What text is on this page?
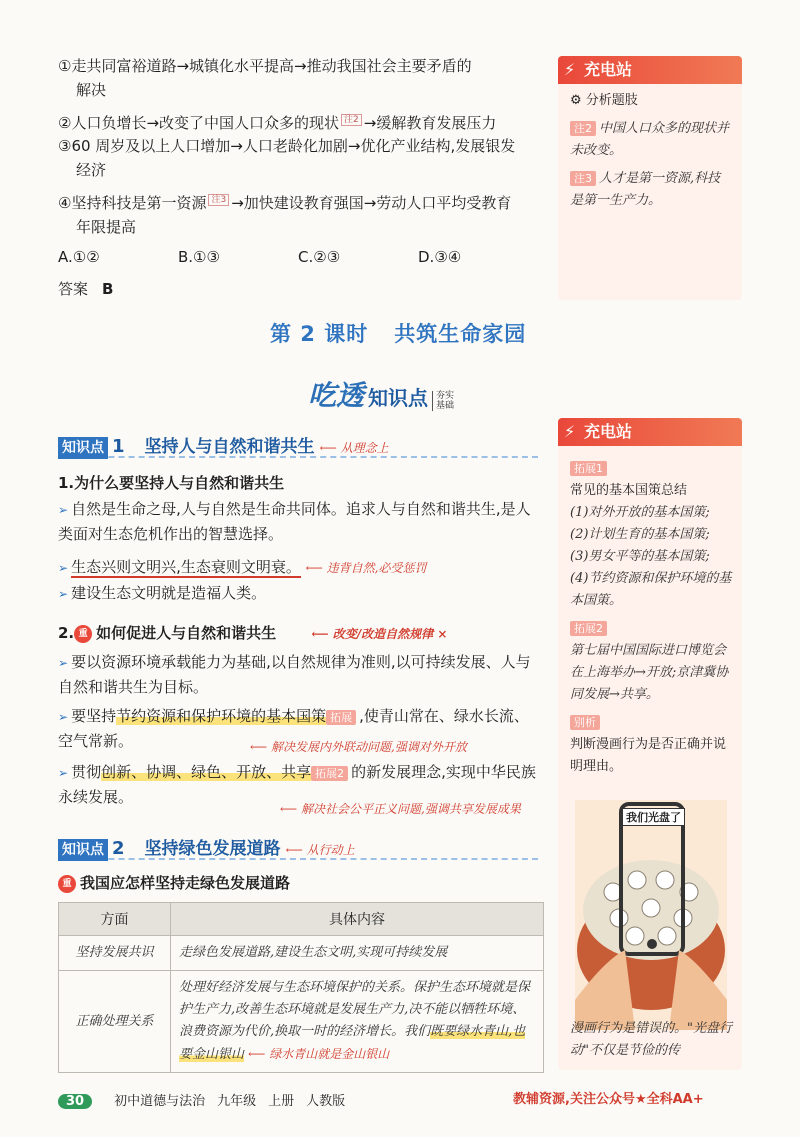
①走共同富裕道路→城镇化水平提高→推动我国社会主要矛盾的
解决
②人口负增长→改变了中国人口众多的现状 $^{注2}$ →缓解教育发展压力
③60 周岁及以上人口增加→人口老龄化加剧→优化产业结构,发展银发
经济
④坚持科技是第一资源 $^{注3}$ →加快建设教育强国→劳动人口平均受教育
年限提高
A.①②	B.①③	C.②③	D.③④
答案 B
⚡ 充电站
⚙ 分析题肢
注2 中国人口众多的现状并未改变。
注3 人才是第一资源,科技是第一生产力。
第 2 课时 共筑生命家园
吃透 知识点 夯实基础
知识点 1 坚持人与自然和谐共生 ⟵ 从理念上
1.为什么要坚持人与自然和谐共生
➢ 自然是生命之母,人与自然是生命共同体。追求人与自然和谐共生,是人类面对生态危机作出的智慧选择。
➢ 生态兴则文明兴,生态衰则文明衰。 ⟵ 违背自然,必受惩罚
➢ 建设生态文明就是造福人类。
2. 重 如何促进人与自然和谐共生	⟵ 改变/改造自然规律 ×
➢ 要以资源环境承载能力为基础,以自然规律为准则,以可持续发展、人与自然和谐共生为目标。
➢ 要坚持节约资源和保护环境的基本国策 拓展 ,使青山常在、绿水长流、空气常新。	⟵ 解决发展内外联动问题,强调对外开放
➢ 贯彻创新、协调、绿色、开放、共享 拓展2 的新发展理念,实现中华民族永续发展。
⟵ 解决社会公平正义问题,强调共享发展成果
知识点 2 坚持绿色发展道路 ⟵ 从行动上
重 我国应怎样坚持走绿色发展道路
方面	具体内容
坚持发展共识	走绿色发展道路,建设生态文明,实现可持续发展
正确处理关系	处理好经济发展与生态环境保护的关系。保护生态环境就是保护生产力,改善生态环境就是发展生产力,决不能以牺牲环境、浪费资源为代价,换取一时的经济增长。我们既要绿水青山,也要金山银山 ⟵ 绿水青山就是金山银山
⚡ 充电站
拓展1
常见的基本国策总结
(1)对外开放的基本国策;
(2)计划生育的基本国策;
(3)男女平等的基本国策;
(4)节约资源和保护环境的基本国策。
拓展2
第七届中国国际进口博览会在上海举办→开放;京津冀协同发展→共享。
别析
判断漫画行为是否正确并说明理由。
我们光盘了
漫画行为是错误的。"光盘行动"不仅是节俭的传
30 初中道德与法治 九年级 上册 人教版	教辅资源,关注公众号★全科AA+
